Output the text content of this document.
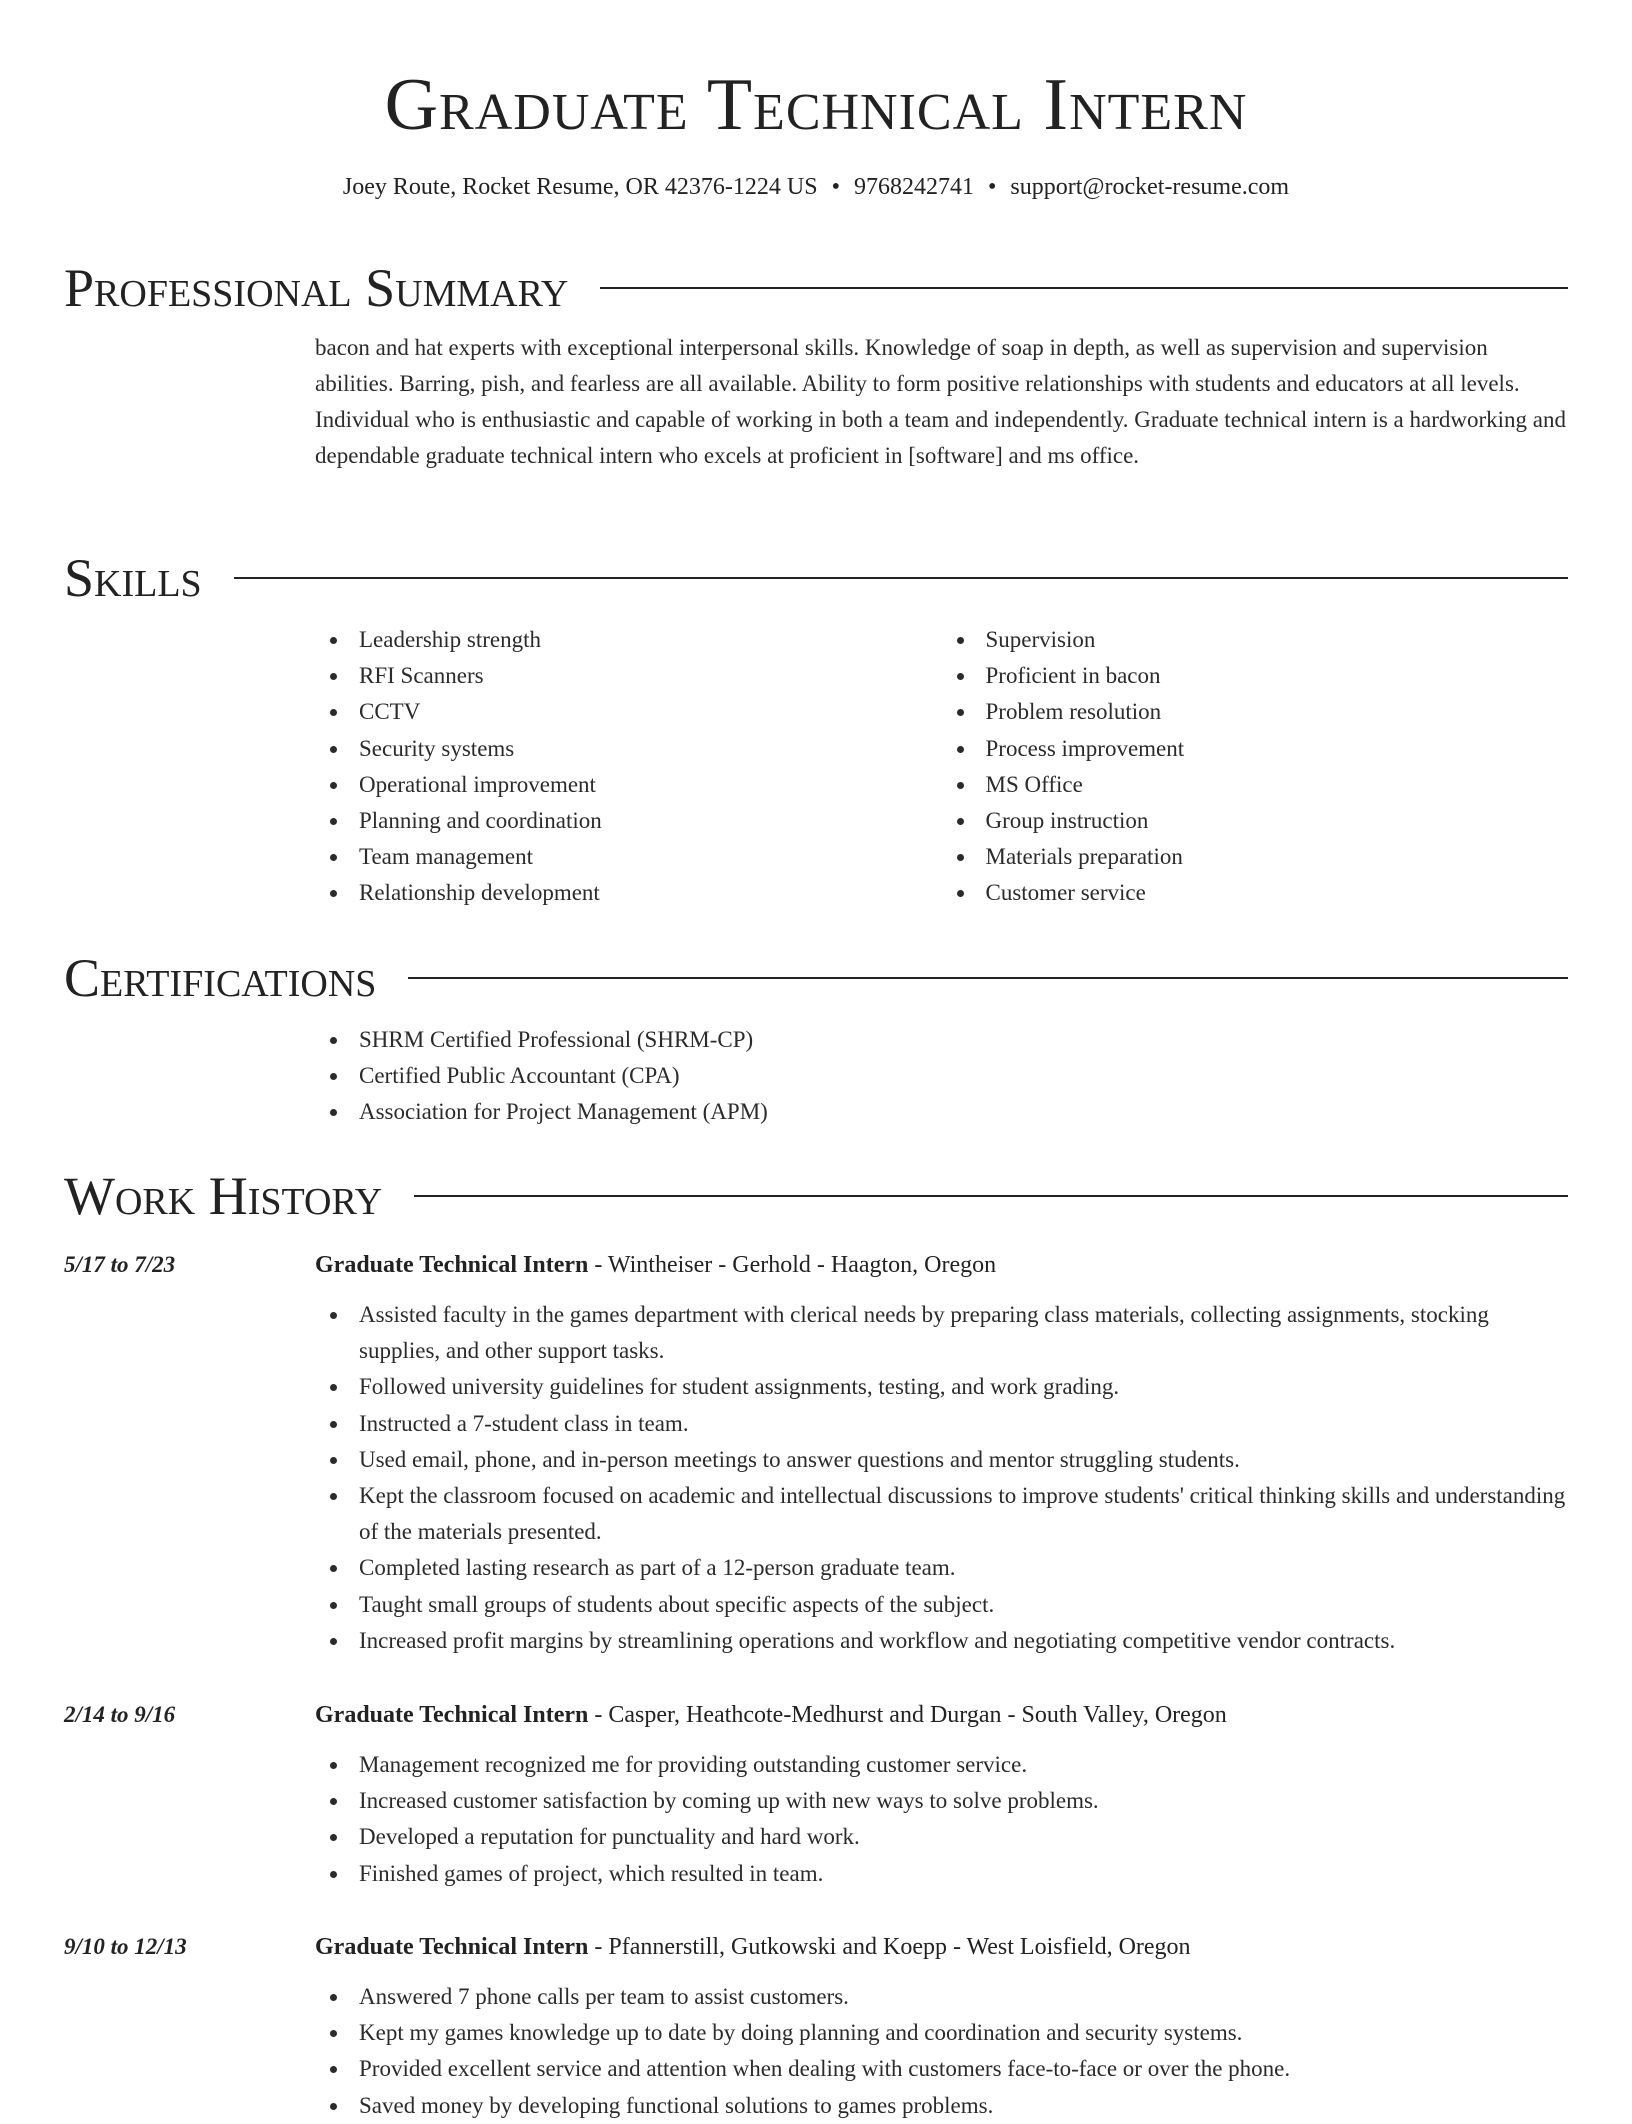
Graduate Technical Intern
Joey Route, Rocket Resume, OR 42376-1224 US • 9768242741 • support@rocket-resume.com
Professional Summary

bacon and hat experts with exceptional interpersonal skills. Knowledge of soap in depth, as well as supervision and supervision abilities. Barring, pish, and fearless are all available. Ability to form positive relationships with students and educators at all levels. Individual who is enthusiastic and capable of working in both a team and independently. Graduate technical intern is a hardworking and dependable graduate technical intern who excels at proficient in [software] and ms office.

Skills
Leadership strength
RFI Scanners
CCTV
Security systems
Operational improvement
Planning and coordination
Team management
Relationship development
Supervision
Proficient in bacon
Problem resolution
Process improvement
MS Office
Group instruction
Materials preparation
Customer service
Certifications
SHRM Certified Professional (SHRM-CP)
Certified Public Accountant (CPA)
Association for Project Management (APM)
Work History
5/17 to 7/23	Graduate Technical Intern - Wintheiser - Gerhold - Haagton, Oregon
Assisted faculty in the games department with clerical needs by preparing class materials, collecting assignments, stocking supplies, and other support tasks.
Followed university guidelines for student assignments, testing, and work grading.
Instructed a 7-student class in team.
Used email, phone, and in-person meetings to answer questions and mentor struggling students.
Kept the classroom focused on academic and intellectual discussions to improve students' critical thinking skills and understanding of the materials presented.
Completed lasting research as part of a 12-person graduate team.
Taught small groups of students about specific aspects of the subject.
Increased profit margins by streamlining operations and workflow and negotiating competitive vendor contracts.
2/14 to 9/16	Graduate Technical Intern - Casper, Heathcote-Medhurst and Durgan - South Valley, Oregon
Management recognized me for providing outstanding customer service.
Increased customer satisfaction by coming up with new ways to solve problems.
Developed a reputation for punctuality and hard work.
Finished games of project, which resulted in team.
9/10 to 12/13	Graduate Technical Intern - Pfannerstill, Gutkowski and Koepp - West Loisfield, Oregon
Answered 7 phone calls per team to assist customers.
Kept my games knowledge up to date by doing planning and coordination and security systems.
Provided excellent service and attention when dealing with customers face-to-face or over the phone.
Saved money by developing functional solutions to games problems.
